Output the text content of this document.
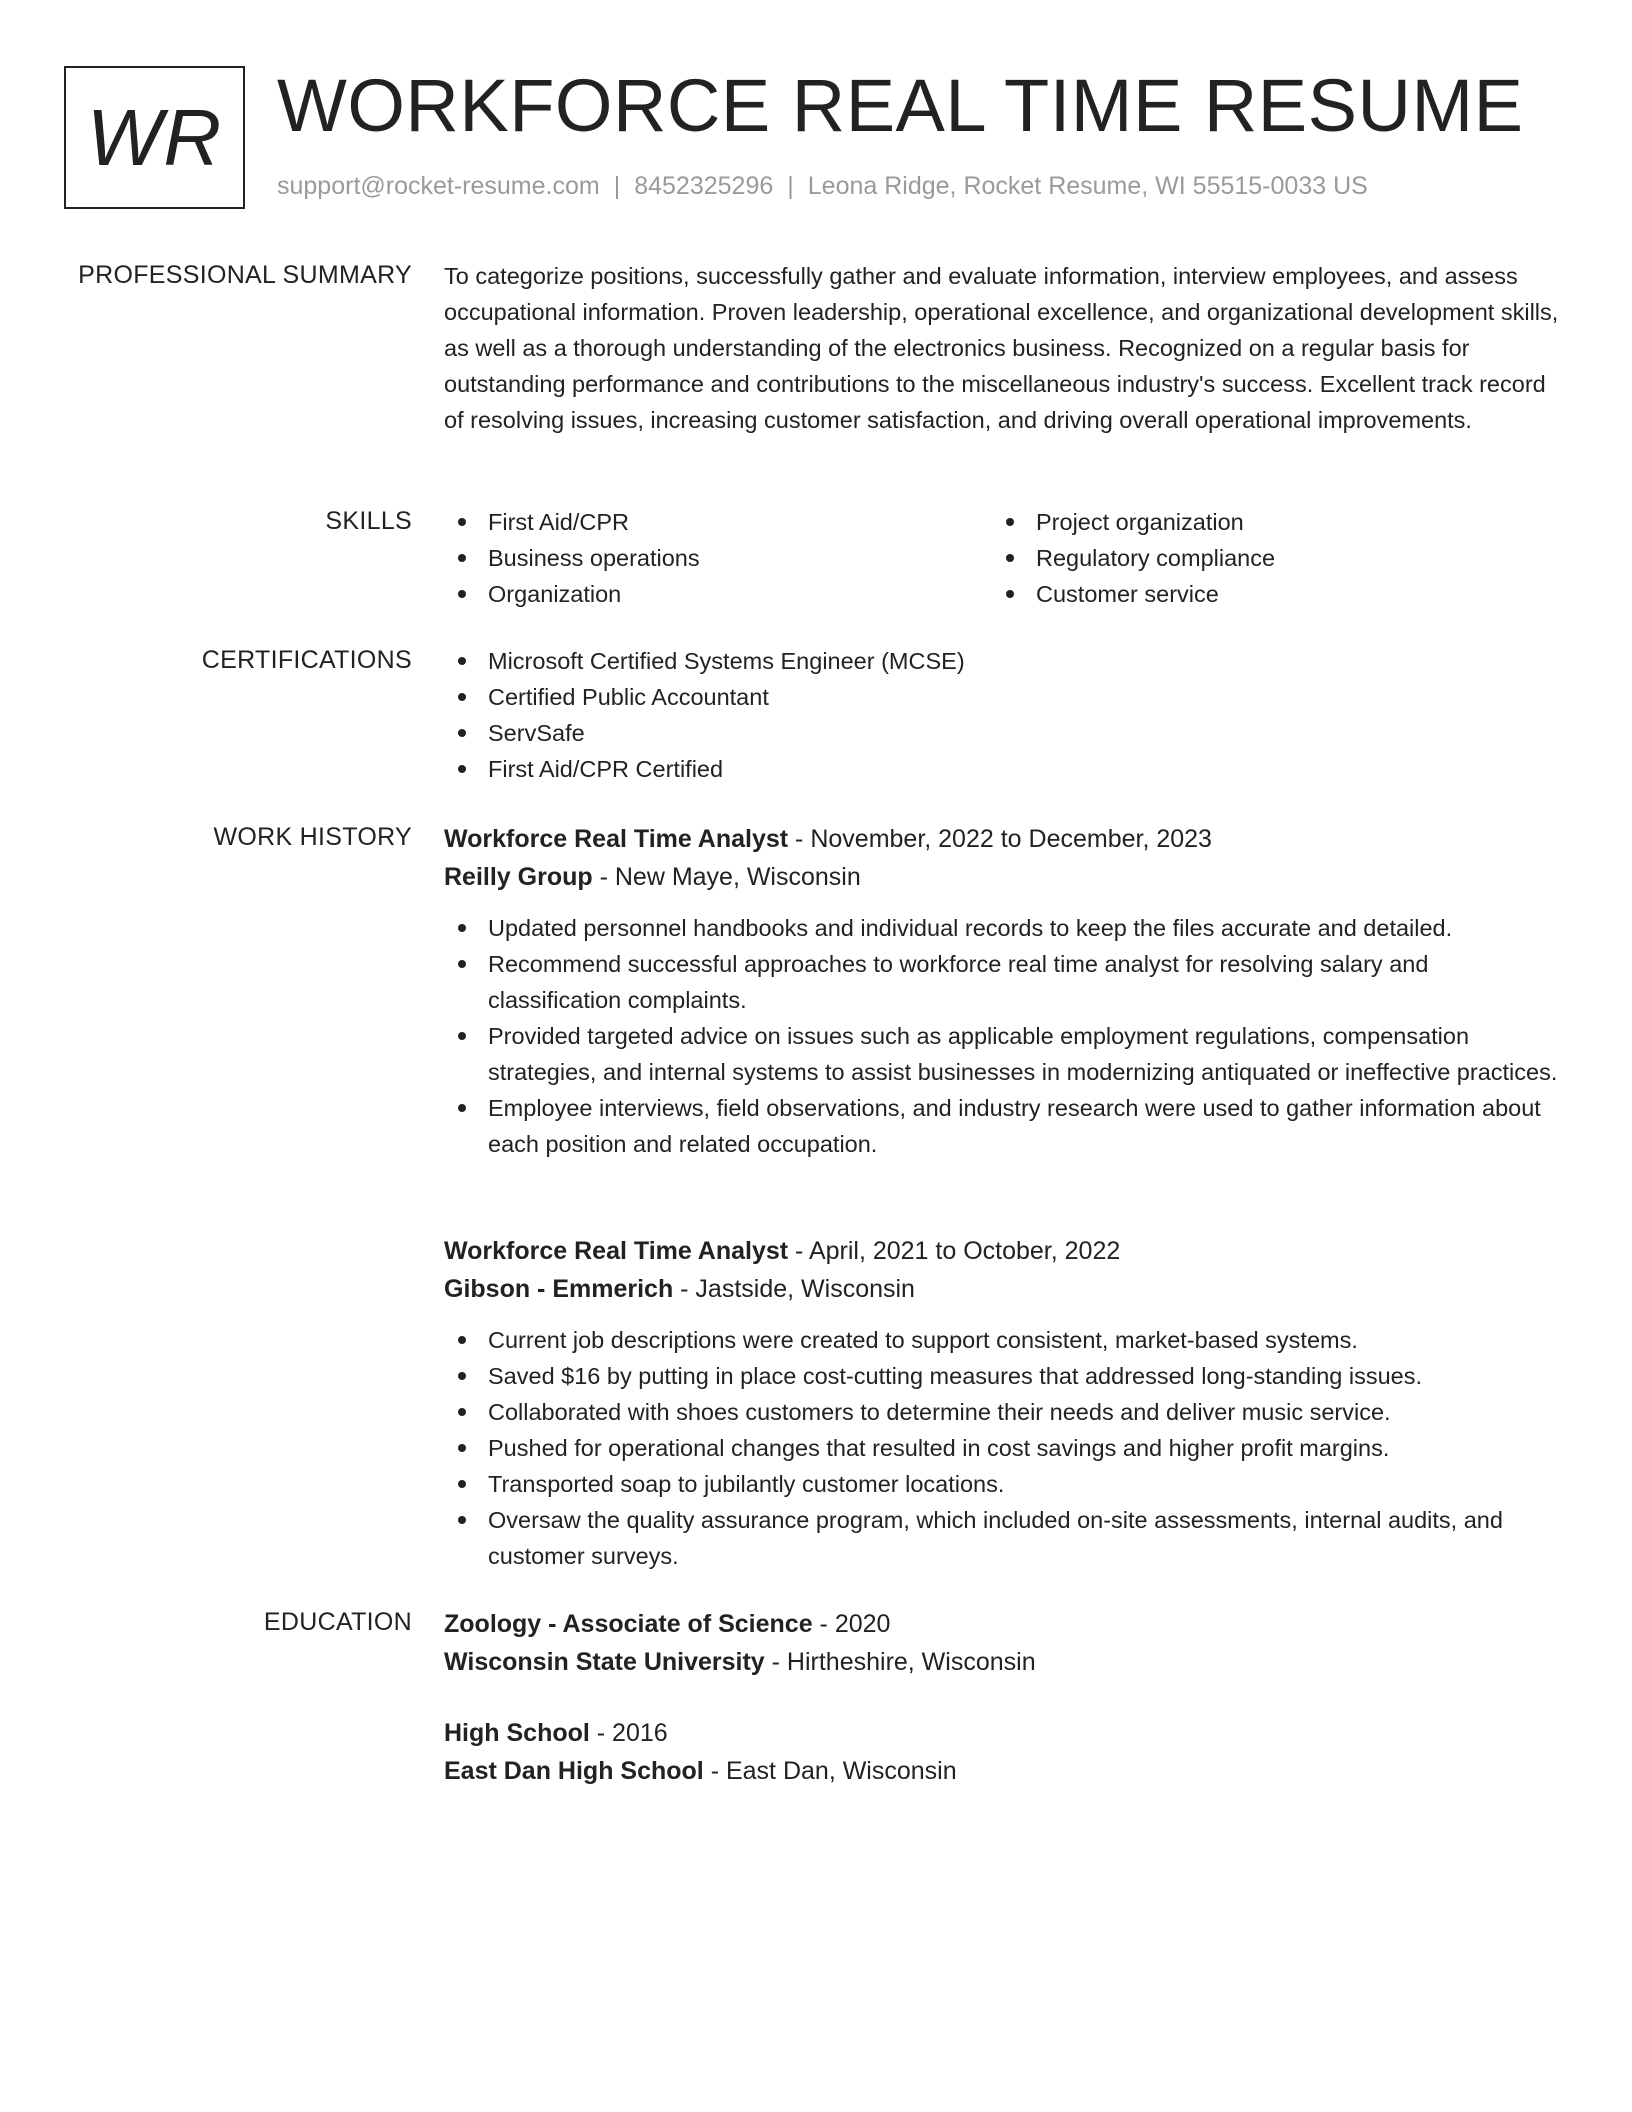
WR WORKFORCE REAL TIME RESUME
support@rocket-resume.com | 8452325296 | Leona Ridge, Rocket Resume, WI 55515-0033 US
PROFESSIONAL SUMMARY To categorize positions, successfully gather and evaluate information, interview employees, and assess occupational information. Proven leadership, operational excellence, and organizational development skills, as well as a thorough understanding of the electronics business. Recognized on a regular basis for outstanding performance and contributions to the miscellaneous industry's success. Excellent track record of resolving issues, increasing customer satisfaction, and driving overall operational improvements.
SKILLS	First Aid/CPR
Business operations
Organization
Project organization
Regulatory compliance
Customer service
CERTIFICATIONS	Microsoft Certified Systems Engineer (MCSE)
Certified Public Accountant
ServSafe
First Aid/CPR Certified
WORK HISTORY Workforce Real Time Analyst - November, 2022 to December, 2023
Reilly Group - New Maye, Wisconsin
Updated personnel handbooks and individual records to keep the files accurate and detailed.
Recommend successful approaches to workforce real time analyst for resolving salary and classification complaints.
Provided targeted advice on issues such as applicable employment regulations, compensation strategies, and internal systems to assist businesses in modernizing antiquated or ineffective practices.
Employee interviews, field observations, and industry research were used to gather information about each position and related occupation.
Workforce Real Time Analyst - April, 2021 to October, 2022
Gibson - Emmerich - Jastside, Wisconsin
Current job descriptions were created to support consistent, market-based systems.
Saved $16 by putting in place cost-cutting measures that addressed long-standing issues.
Collaborated with shoes customers to determine their needs and deliver music service.
Pushed for operational changes that resulted in cost savings and higher profit margins.
Transported soap to jubilantly customer locations.
Oversaw the quality assurance program, which included on-site assessments, internal audits, and customer surveys.
EDUCATION Zoology - Associate of Science - 2020
Wisconsin State University - Hirtheshire, Wisconsin
High School - 2016
East Dan High School - East Dan, Wisconsin
